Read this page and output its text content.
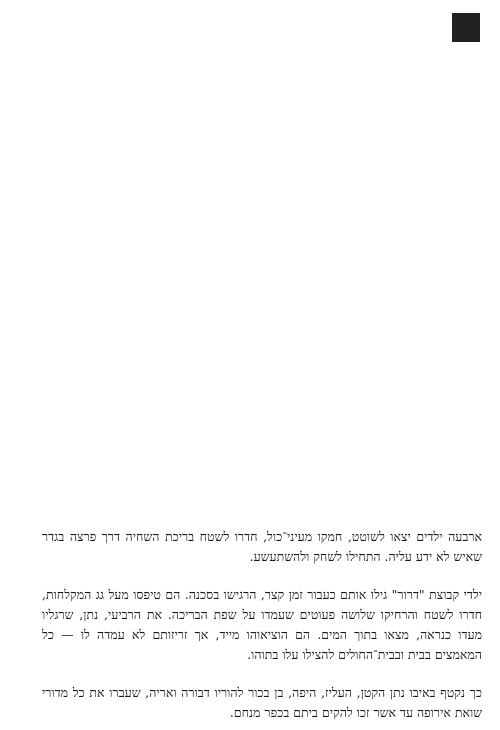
ארבעה ילדים יצאו לשוטט, חמקו מעיני־כול, חדרו לשטח בריכת השחיה דרך פרצה בגדר שאיש לא ידע עליה. התחילו לשחק ולהשתעשע.

ילדי קבוצת "דרור" גילו אותם כעבור זמן קצר, הרגישו בסכנה. הם טיפסו מעל גג המקלחות, חדרו לשטח והרחיקו שלושה פעוטים שעמדו על שפת הבריכה. את הרביעי, נתן, שרגליו מעדו כנראה, מצאו בתוך המים. הם הוציאוהו מייד, אך זריזותם לא עמדה לו — כל המאמצים בבית ובבית־החולים להצילו עלו בתוהו.

כך נקטף באיבו נתן הקטן, העליז, היפה, בן בכור להוריו דבורה ואריה, שעברו את כל מדורי שואת אירופה עד אשר זכו להקים ביתם בכפר מנחם.
